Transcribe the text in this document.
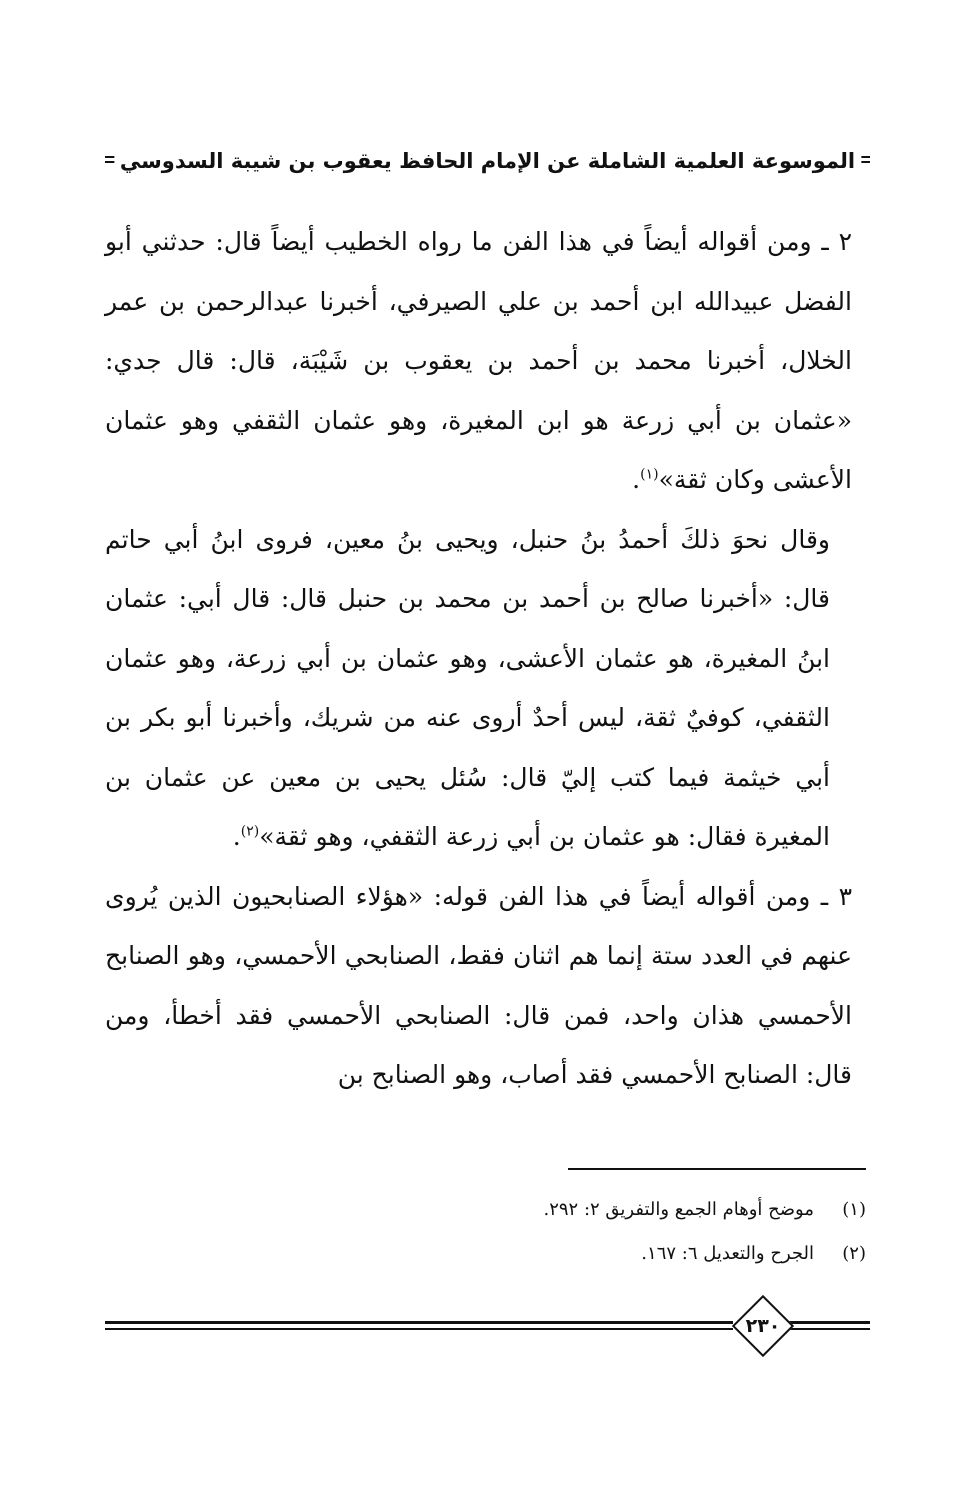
الموسوعة العلمية الشاملة عن الإمام الحافظ يعقوب بن شيبة السدوسي

٢ ـ ومن أقواله أيضاً في هذا الفن ما رواه الخطيب أيضاً قال: حدثني أبو الفضل عبيدالله ابن أحمد بن علي الصيرفي، أخبرنا عبدالرحمن بن عمر الخلال، أخبرنا محمد بن أحمد بن يعقوب بن شَيْبَة، قال: قال جدي: «عثمان بن أبي زرعة هو ابن المغيرة، وهو عثمان الثقفي وهو عثمان الأعشى وكان ثقة»$^{(١)}$.

وقال نحوَ ذلكَ أحمدُ بنُ حنبل، ويحيى بنُ معين، فروى ابنُ أبي حاتم قال: «أخبرنا صالح بن أحمد بن محمد بن حنبل قال: قال أبي: عثمان ابنُ المغيرة، هو عثمان الأعشى، وهو عثمان بن أبي زرعة، وهو عثمان الثقفي، كوفيٌ ثقة، ليس أحدٌ أروى عنه من شريك، وأخبرنا أبو بكر بن أبي خيثمة فيما كتب إليّ قال: سُئل يحيى بن معين عن عثمان بن المغيرة فقال: هو عثمان بن أبي زرعة الثقفي، وهو ثقة»$^{(٢)}$.

٣ ـ ومن أقواله أيضاً في هذا الفن قوله: «هؤلاء الصنابحيون الذين يُروى عنهم في العدد ستة إنما هم اثنان فقط، الصنابحي الأحمسي، وهو الصنابح الأحمسي هذان واحد، فمن قال: الصنابحي الأحمسي فقد أخطأ، ومن قال: الصنابح الأحمسي فقد أصاب، وهو الصنابح بن

(١)
موضح أوهام الجمع والتفريق ٢: ٢٩٢.
(٢)
الجرح والتعديل ٦: ١٦٧.
٢٣٠
